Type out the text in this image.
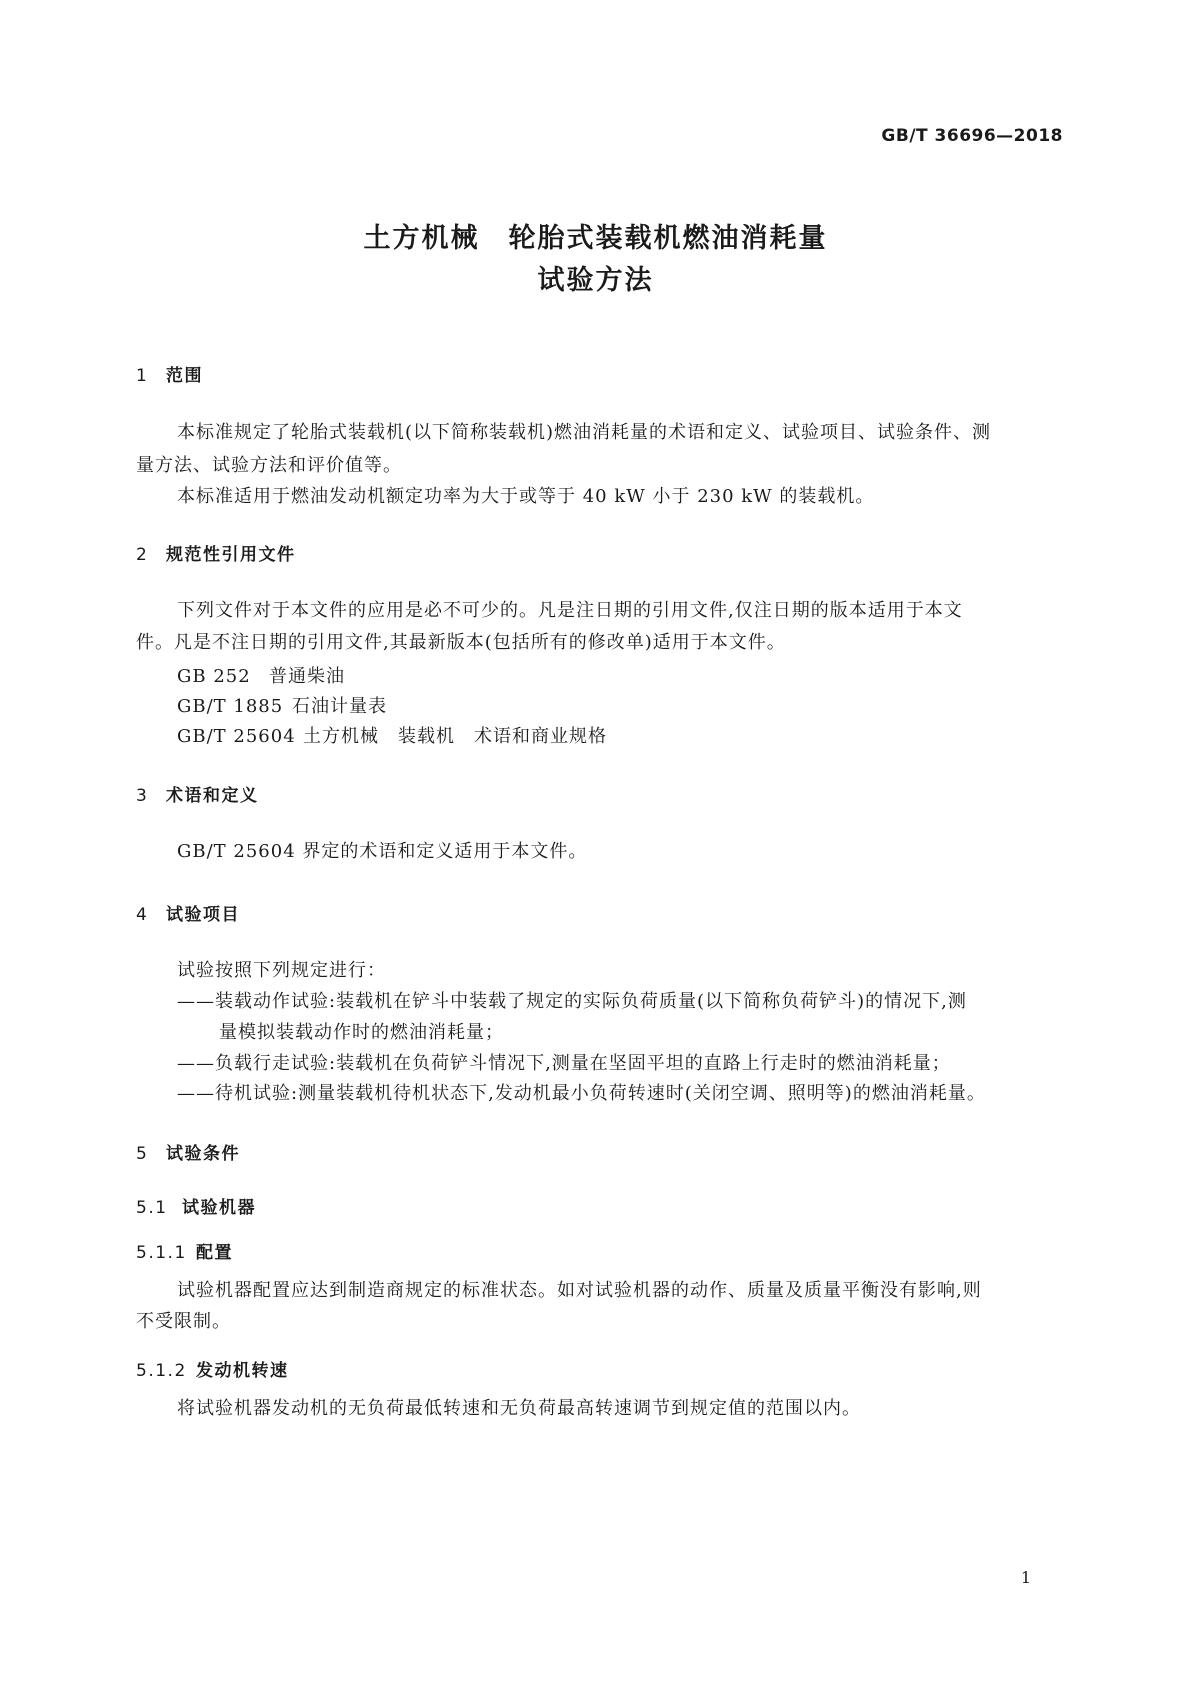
GB/T 36696—2018
土方机械　轮胎式装载机燃油消耗量
试验方法
1 范围
本标准规定了轮胎式装载机(以下简称装载机)燃油消耗量的术语和定义、试验项目、试验条件、测
量方法、试验方法和评价值等。
本标准适用于燃油发动机额定功率为大于或等于 40 kW 小于 230 kW 的装载机。
2 规范性引用文件
下列文件对于本文件的应用是必不可少的。凡是注日期的引用文件,仅注日期的版本适用于本文
件。凡是不注日期的引用文件,其最新版本(包括所有的修改单)适用于本文件。
GB 252 普通柴油
GB/T 1885 石油计量表
GB/T 25604 土方机械　装载机　术语和商业规格
3 术语和定义
GB/T 25604 界定的术语和定义适用于本文件。
4 试验项目
试验按照下列规定进行：
——装载动作试验:装载机在铲斗中装载了规定的实际负荷质量(以下简称负荷铲斗)的情况下,测
量模拟装载动作时的燃油消耗量；
——负载行走试验:装载机在负荷铲斗情况下,测量在坚固平坦的直路上行走时的燃油消耗量；
——待机试验:测量装载机待机状态下,发动机最小负荷转速时(关闭空调、照明等)的燃油消耗量。
5 试验条件
5.1 试验机器
5.1.1 配置
试验机器配置应达到制造商规定的标准状态。如对试验机器的动作、质量及质量平衡没有影响,则
不受限制。
5.1.2 发动机转速
将试验机器发动机的无负荷最低转速和无负荷最高转速调节到规定值的范围以内。
1
